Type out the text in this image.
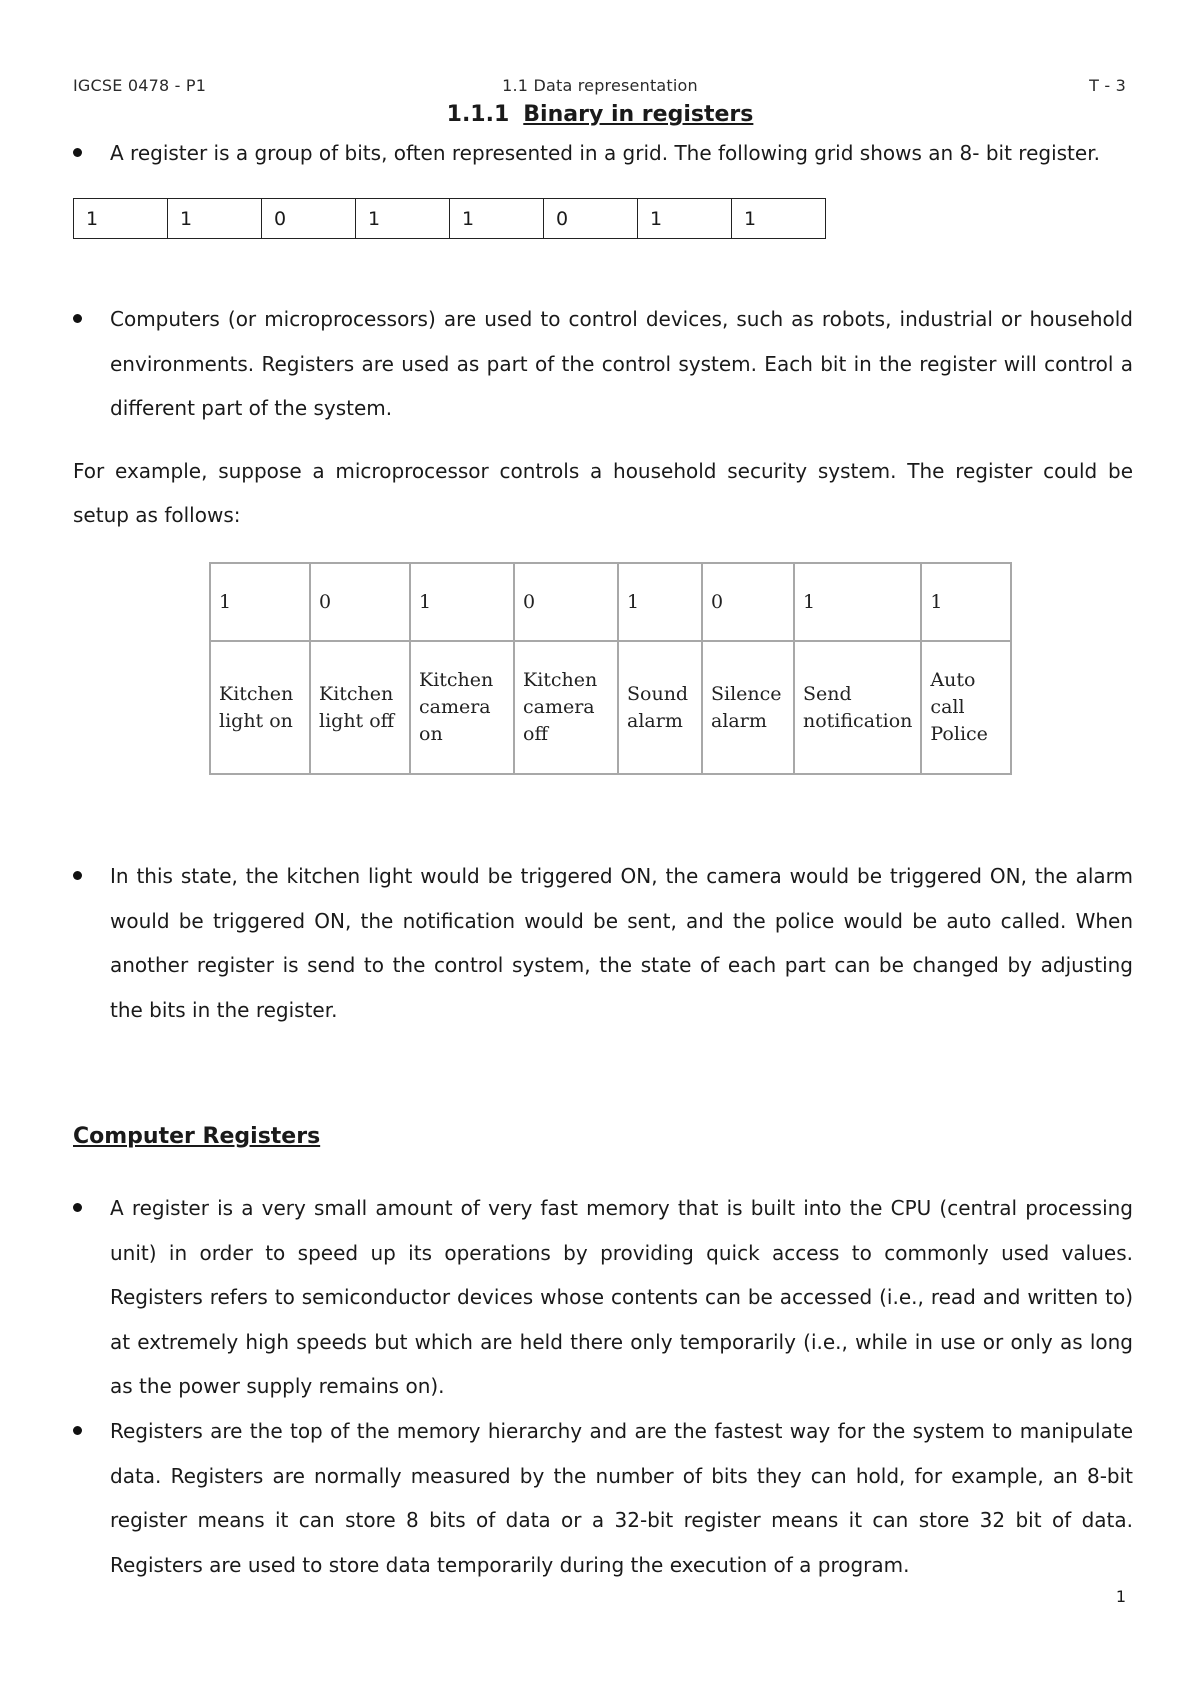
1.1 Data representation
IGCSE 0478 - P1	T - 3
1.1.1 Binary in registers
A register is a group of bits, often represented in a grid. The following grid shows an 8- bit register.
1	1	0	1	1	0	1	1
Computers (or microprocessors) are used to control devices, such as robots, industrial or household environments. Registers are used as part of the control system. Each bit in the register will control a different part of the system.
For example, suppose a microprocessor controls a household security system. The register could be setup as follows:
1	0	1	0	1	0	1	1
Kitchen light on	Kitchen light off	Kitchen camera on	Kitchen camera off	Sound alarm	Silence alarm	Send notification	Auto call Police
In this state, the kitchen light would be triggered ON, the camera would be triggered ON, the alarm would be triggered ON, the notification would be sent, and the police would be auto called. When another register is send to the control system, the state of each part can be changed by adjusting the bits in the register.
Computer Registers
A register is a very small amount of very fast memory that is built into the CPU (central processing unit) in order to speed up its operations by providing quick access to commonly used values. Registers refers to semiconductor devices whose contents can be accessed (i.e., read and written to) at extremely high speeds but which are held there only temporarily (i.e., while in use or only as long as the power supply remains on).
Registers are the top of the memory hierarchy and are the fastest way for the system to manipulate data. Registers are normally measured by the number of bits they can hold, for example, an 8-bit register means it can store 8 bits of data or a 32-bit register means it can store 32 bit of data. Registers are used to store data temporarily during the execution of a program.
1
